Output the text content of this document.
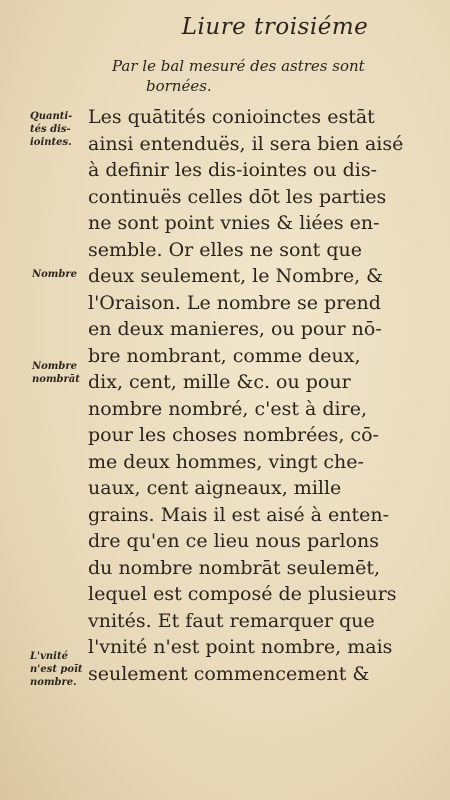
Liure troisiéme
Par le bal mesuré des astres sont
bornées.
Quanti-
tés dis-
iointes.
Nombre
Nombre
nombrāt
L'vnité
n'est poīt
nombre.
Les quātités conioinctes estāt
ainsi entenduës, il sera bien aisé
à definir les dis-iointes ou dis-
continuës celles dōt les parties
ne sont point vnies & liées en-
semble. Or elles ne sont que
deux seulement, le Nombre, &
l'Oraison. Le nombre se prend
en deux manieres, ou pour nō-
bre nombrant, comme deux,
dix, cent, mille &c. ou pour
nombre nombré, c'est à dire,
pour les choses nombrées, cō-
me deux hommes, vingt che-
uaux, cent aigneaux, mille
grains. Mais il est aisé à enten-
dre qu'en ce lieu nous parlons
du nombre nombrāt seulemēt,
lequel est composé de plusieurs
vnités. Et faut remarquer que
l'vnité n'est point nombre, mais
seulement commencement &
